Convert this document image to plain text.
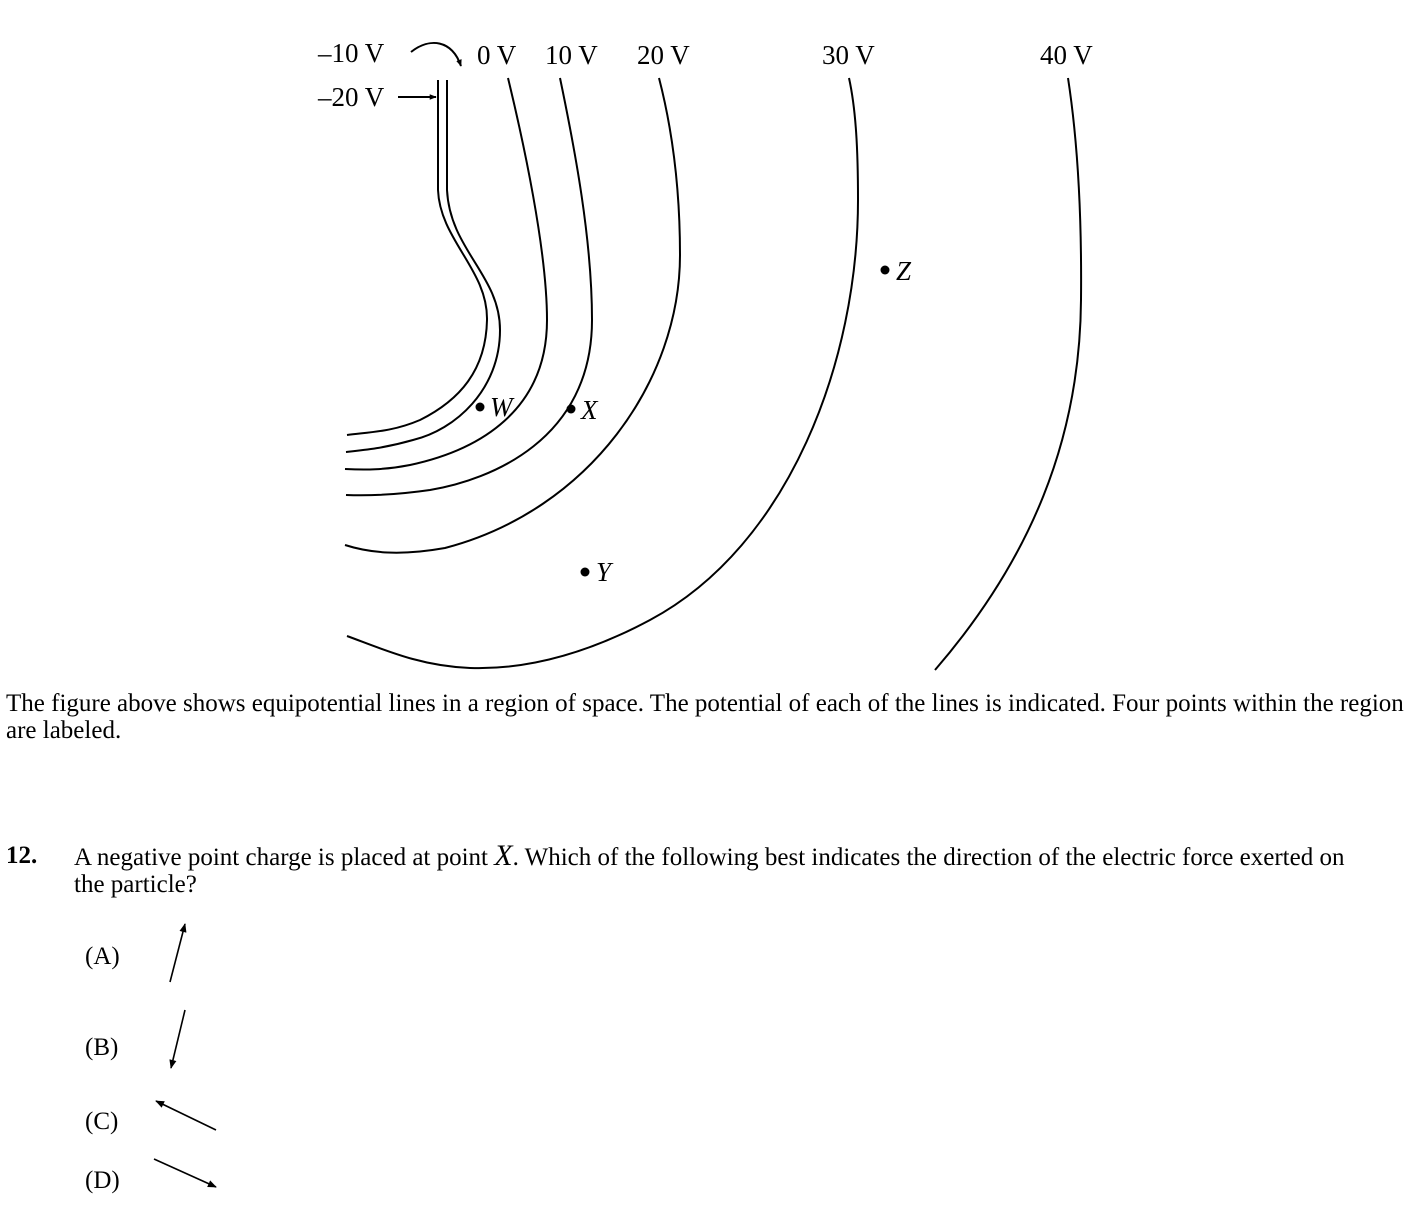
–10 V
–20 V
0 V 10 V 20 V	30 V	40 V
W	X
Y
Z
The figure above shows equipotential lines in a region of space. The potential of each of the lines is indicated. Four points within the region are labeled.
12. A negative point charge is placed at point X. Which of the following best indicates the direction of the electric force exerted on the particle?
(A)
(B)
(C)
(D)
